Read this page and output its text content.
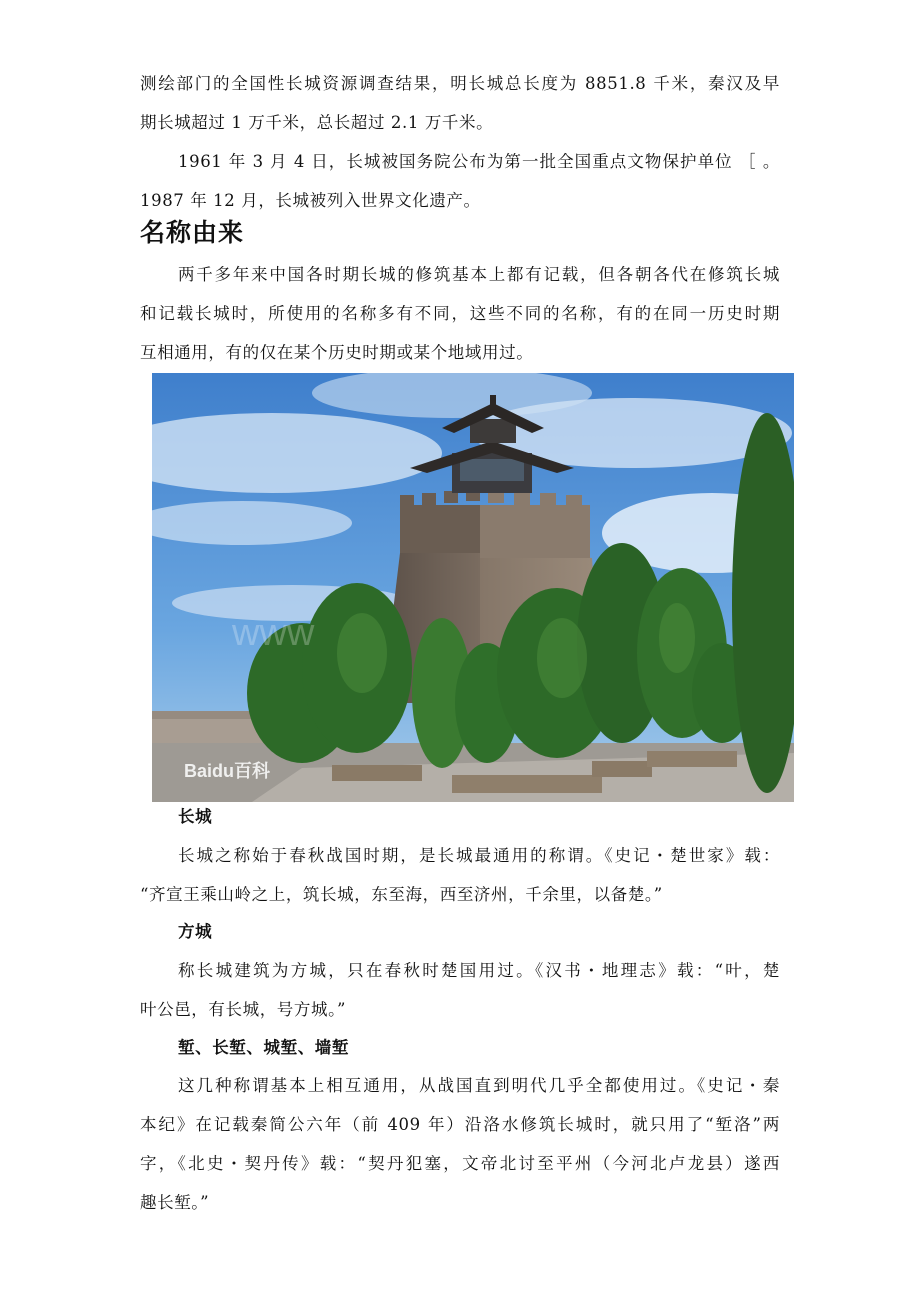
测绘部门的全国性长城资源调查结果，明长城总长度为 8851.8 千米，秦汉及早
期长城超过 1 万千米，总长超过 2.1 万千米。
1961 年 3 月 4 日，长城被国务院公布为第一批全国重点文物保护单位 ［ 。
1987 年 12 月，长城被列入世界文化遗产。
名称由来
两千多年来中国各时期长城的修筑基本上都有记载，但各朝各代在修筑长城
和记载长城时，所使用的名称多有不同，这些不同的名称，有的在同一历史时期
互相通用，有的仅在某个历史时期或某个地域用过。
www
Baidu百科
长城
长城之称始于春秋战国时期，是长城最通用的称谓。《史记・楚世家》载：
“齐宣王乘山岭之上，筑长城，东至海，西至济州，千余里，以备楚。”
方城
称长城建筑为方城，只在春秋时楚国用过。《汉书・地理志》载：“叶，楚
叶公邑，有长城，号方城。”
堑、长堑、城堑、墙堑
这几种称谓基本上相互通用，从战国直到明代几乎全都使用过。《史记・秦
本纪》在记载秦简公六年（前 409 年）沿洛水修筑长城时，就只用了“堑洛”两
字，《北史・契丹传》载：“契丹犯塞，文帝北讨至平州（今河北卢龙县）遂西
趣长堑。”
